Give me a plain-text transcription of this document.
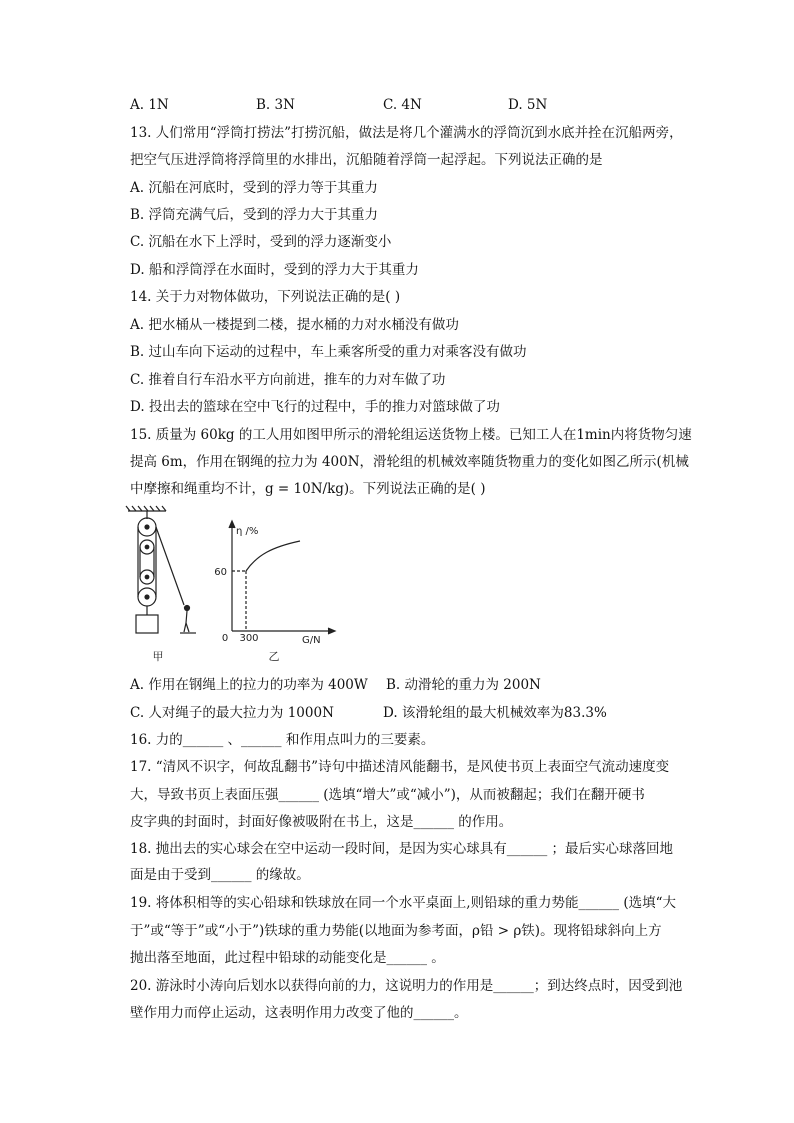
A. 1N	B. 3N	C. 4N	D. 5N
13. 人们常用“浮筒打捞法”打捞沉船，做法是将几个灌满水的浮筒沉到水底并拴在沉船两旁，
把空气压进浮筒将浮筒里的水排出，沉船随着浮筒一起浮起。下列说法正确的是
A. 沉船在河底时，受到的浮力等于其重力
B. 浮筒充满气后，受到的浮力大于其重力
C. 沉船在水下上浮时，受到的浮力逐渐变小
D. 船和浮筒浮在水面时，受到的浮力大于其重力
14. 关于力对物体做功，下列说法正确的是( )
A. 把水桶从一楼提到二楼，提水桶的力对水桶没有做功
B. 过山车向下运动的过程中，车上乘客所受的重力对乘客没有做功
C. 推着自行车沿水平方向前进，推车的力对车做了功
D. 投出去的篮球在空中飞行的过程中，手的推力对篮球做了功
15. 质量为 60kg 的工人用如图甲所示的滑轮组运送货物上楼。已知工人在1min内将货物匀速
提高 6m，作用在钢绳的拉力为 400N，滑轮组的机械效率随货物重力的变化如图乙所示(机械
中摩擦和绳重均不计，g = 10N/kg)。下列说法正确的是( )
甲
η /%
G/N
0
60
300
乙
A. 作用在钢绳上的拉力的功率为 400W B. 动滑轮的重力为 200N
C. 人对绳子的最大拉力为 1000N	D. 该滑轮组的最大机械效率为83.3%
16. 力的______ 、______ 和作用点叫力的三要素。
17. “清风不识字，何故乱翻书”诗句中描述清风能翻书，是风使书页上表面空气流动速度变
大，导致书页上表面压强______ (选填“增大”或“减小”)，从而被翻起；我们在翻开硬书
皮字典的封面时，封面好像被吸附在书上，这是______ 的作用。
18. 抛出去的实心球会在空中运动一段时间，是因为实心球具有______ ；最后实心球落回地
面是由于受到______ 的缘故。
19. 将体积相等的实心铅球和铁球放在同一个水平桌面上,则铅球的重力势能______ (选填“大
于”或“等于”或“小于”)铁球的重力势能(以地面为参考面，ρ铅 > ρ铁)。现将铅球斜向上方
抛出落至地面，此过程中铅球的动能变化是______ 。
20. 游泳时小涛向后划水以获得向前的力，这说明力的作用是______；到达终点时，因受到池
壁作用力而停止运动，这表明作用力改变了他的______。
